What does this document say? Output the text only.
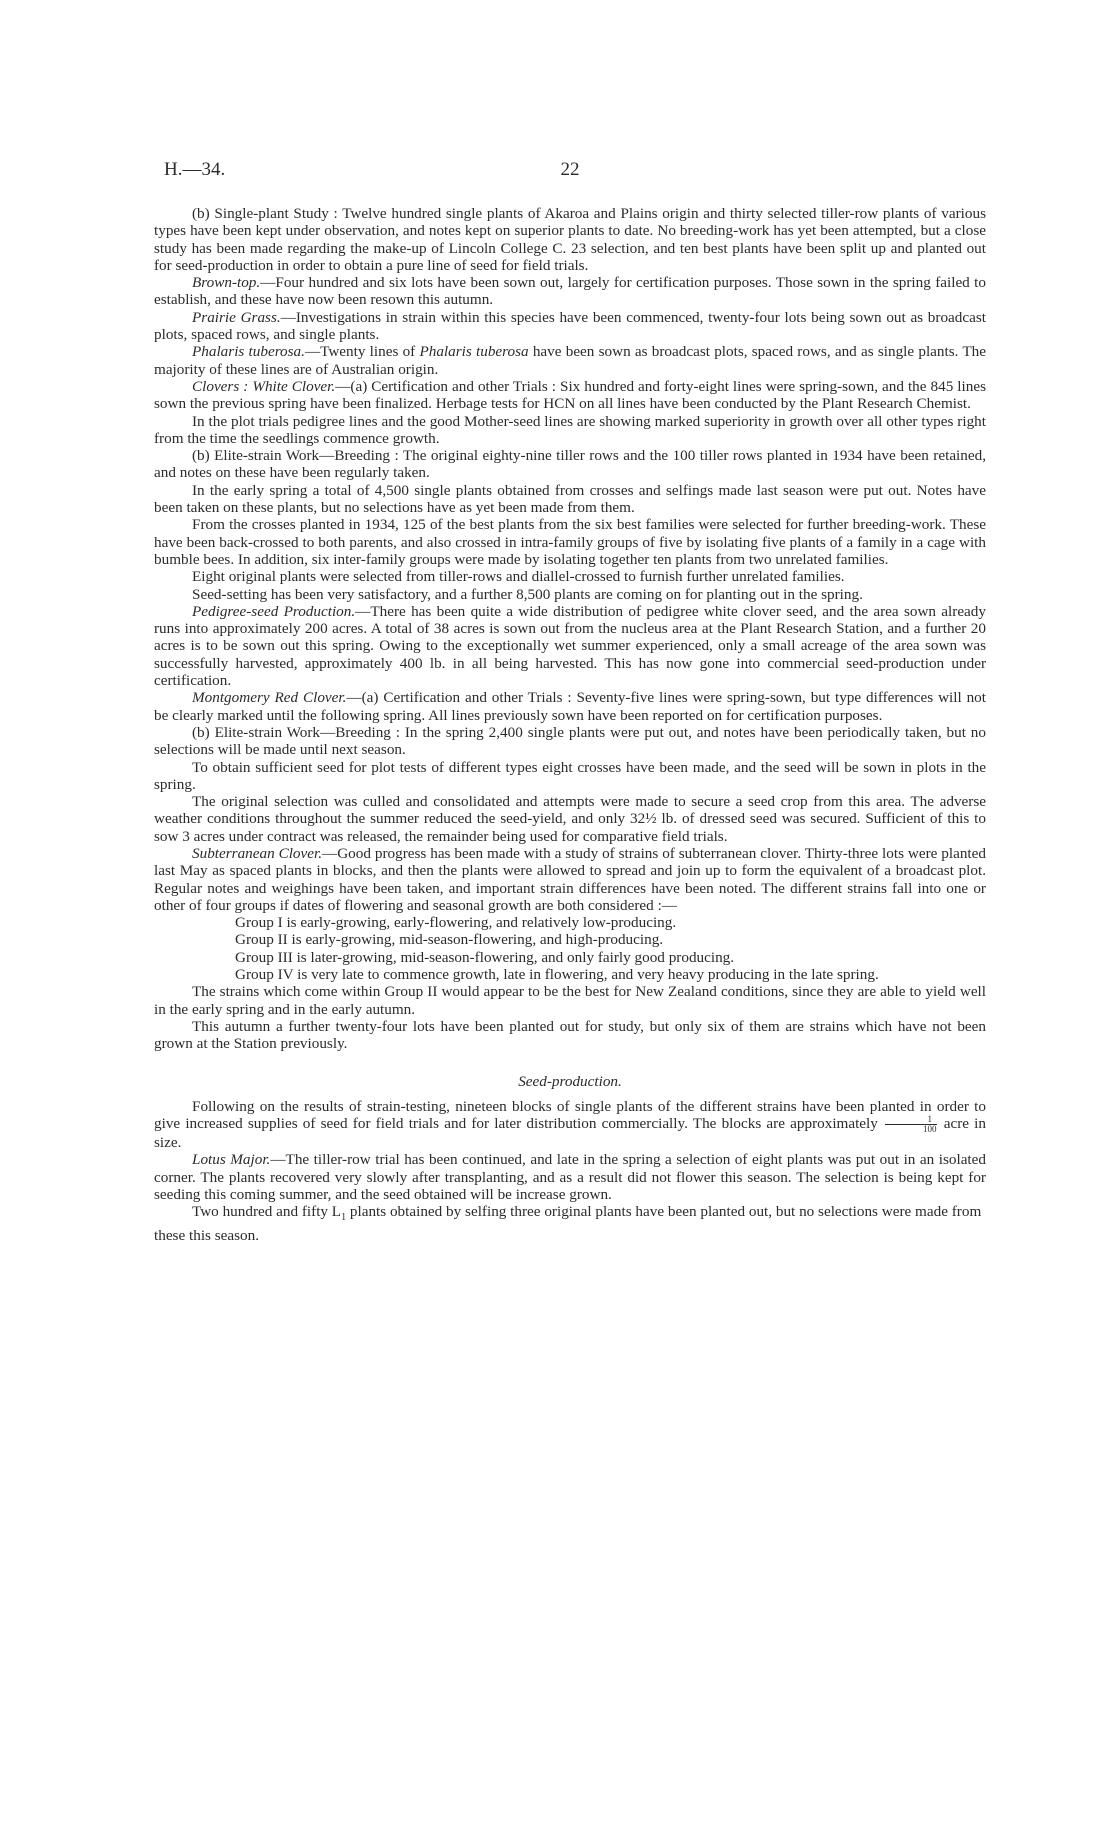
H.—34.	22

(b) Single-plant Study : Twelve hundred single plants of Akaroa and Plains origin and thirty selected tiller-row plants of various types have been kept under observation, and notes kept on superior plants to date. No breeding-work has yet been attempted, but a close study has been made regarding the make-up of Lincoln College C. 23 selection, and ten best plants have been split up and planted out for seed-production in order to obtain a pure line of seed for field trials.

Brown-top.—Four hundred and six lots have been sown out, largely for certification purposes. Those sown in the spring failed to establish, and these have now been resown this autumn.

Prairie Grass.—Investigations in strain within this species have been commenced, twenty-four lots being sown out as broadcast plots, spaced rows, and single plants.

Phalaris tuberosa.—Twenty lines of Phalaris tuberosa have been sown as broadcast plots, spaced rows, and as single plants. The majority of these lines are of Australian origin.

Clovers : White Clover.—(a) Certification and other Trials : Six hundred and forty-eight lines were spring-sown, and the 845 lines sown the previous spring have been finalized. Herbage tests for HCN on all lines have been conducted by the Plant Research Chemist.

In the plot trials pedigree lines and the good Mother-seed lines are showing marked superiority in growth over all other types right from the time the seedlings commence growth.

(b) Elite-strain Work—Breeding : The original eighty-nine tiller rows and the 100 tiller rows planted in 1934 have been retained, and notes on these have been regularly taken.

In the early spring a total of 4,500 single plants obtained from crosses and selfings made last season were put out. Notes have been taken on these plants, but no selections have as yet been made from them.

From the crosses planted in 1934, 125 of the best plants from the six best families were selected for further breeding-work. These have been back-crossed to both parents, and also crossed in intra-family groups of five by isolating five plants of a family in a cage with bumble bees. In addition, six inter-family groups were made by isolating together ten plants from two unrelated families.

Eight original plants were selected from tiller-rows and diallel-crossed to furnish further unrelated families.

Seed-setting has been very satisfactory, and a further 8,500 plants are coming on for planting out in the spring.

Pedigree-seed Production.—There has been quite a wide distribution of pedigree white clover seed, and the area sown already runs into approximately 200 acres. A total of 38 acres is sown out from the nucleus area at the Plant Research Station, and a further 20 acres is to be sown out this spring. Owing to the exceptionally wet summer experienced, only a small acreage of the area sown was successfully harvested, approximately 400 lb. in all being harvested. This has now gone into commercial seed-production under certification.

Montgomery Red Clover.—(a) Certification and other Trials : Seventy-five lines were spring-sown, but type differences will not be clearly marked until the following spring. All lines previously sown have been reported on for certification purposes.

(b) Elite-strain Work—Breeding : In the spring 2,400 single plants were put out, and notes have been periodically taken, but no selections will be made until next season.

To obtain sufficient seed for plot tests of different types eight crosses have been made, and the seed will be sown in plots in the spring.

The original selection was culled and consolidated and attempts were made to secure a seed crop from this area. The adverse weather conditions throughout the summer reduced the seed-yield, and only 32½ lb. of dressed seed was secured. Sufficient of this to sow 3 acres under contract was released, the remainder being used for comparative field trials.

Subterranean Clover.—Good progress has been made with a study of strains of subterranean clover. Thirty-three lots were planted last May as spaced plants in blocks, and then the plants were allowed to spread and join up to form the equivalent of a broadcast plot. Regular notes and weighings have been taken, and important strain differences have been noted. The different strains fall into one or other of four groups if dates of flowering and seasonal growth are both considered :—

Group I is early-growing, early-flowering, and relatively low-producing.

Group II is early-growing, mid-season-flowering, and high-producing.

Group III is later-growing, mid-season-flowering, and only fairly good producing.

Group IV is very late to commence growth, late in flowering, and very heavy producing in the late spring.

The strains which come within Group II would appear to be the best for New Zealand conditions, since they are able to yield well in the early spring and in the early autumn.

This autumn a further twenty-four lots have been planted out for study, but only six of them are strains which have not been grown at the Station previously.

Seed-production.

Following on the results of strain-testing, nineteen blocks of single plants of the different strains have been planted in order to give increased supplies of seed for field trials and for later distribution commercially. The blocks are approximately $\frac{1}{100}$ acre in size.

Lotus Major.—The tiller-row trial has been continued, and late in the spring a selection of eight plants was put out in an isolated corner. The plants recovered very slowly after transplanting, and as a result did not flower this season. The selection is being kept for seeding this coming summer, and the seed obtained will be increase grown.

Two hundred and fifty $L_1$ plants obtained by selfing three original plants have been planted out, but no selections were made from these this season.
